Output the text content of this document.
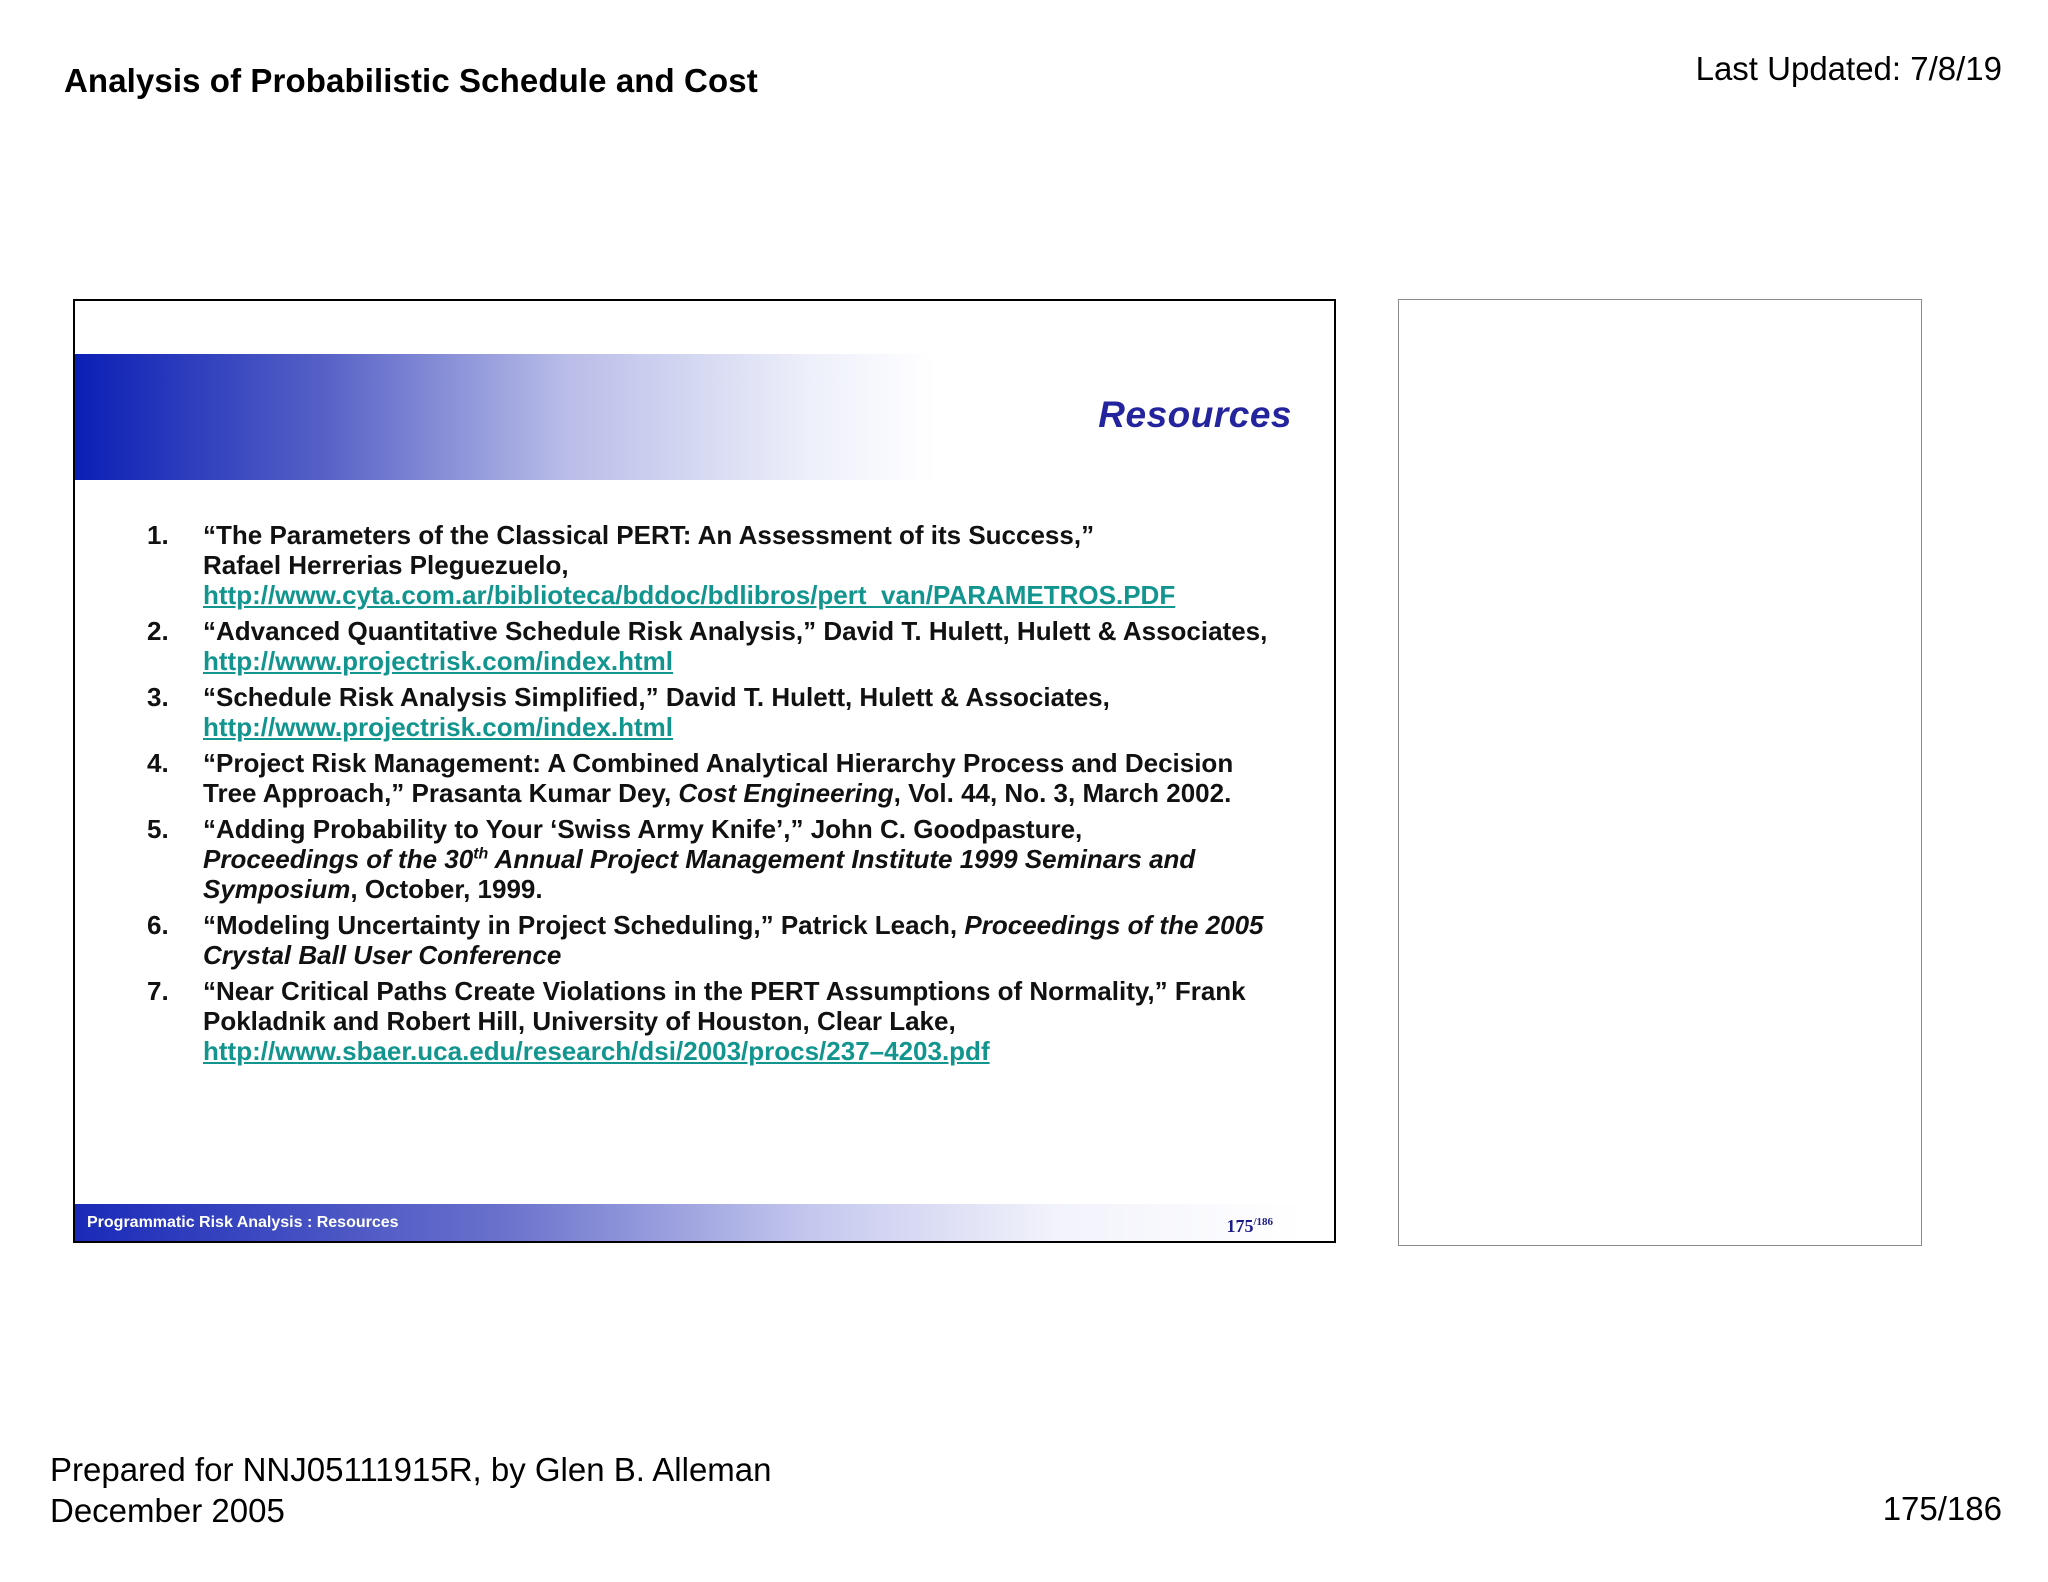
Analysis of Probabilistic Schedule and Cost	Last Updated: 7/8/19
Resources
1. “The Parameters of the Classical PERT: An Assessment of its Success,”
Rafael Herrerias Pleguezuelo,
http://www.cyta.com.ar/biblioteca/bddoc/bdlibros/pert_van/PARAMETROS.PDF
2. “Advanced Quantitative Schedule Risk Analysis,” David T. Hulett, Hulett & Associates, http://www.projectrisk.com/index.html
3. “Schedule Risk Analysis Simplified,” David T. Hulett, Hulett & Associates,
http://www.projectrisk.com/index.html
4. “Project Risk Management: A Combined Analytical Hierarchy Process and Decision Tree Approach,” Prasanta Kumar Dey, Cost Engineering, Vol. 44, No. 3, March 2002.
5. “Adding Probability to Your ‘Swiss Army Knife’,” John C. Goodpasture,
Proceedings of the 30th Annual Project Management Institute 1999 Seminars and Symposium, October, 1999.
6. “Modeling Uncertainty in Project Scheduling,” Patrick Leach, Proceedings of the 2005 Crystal Ball User Conference
7. “Near Critical Paths Create Violations in the PERT Assumptions of Normality,” Frank Pokladnik and Robert Hill, University of Houston, Clear Lake,
http://www.sbaer.uca.edu/research/dsi/2003/procs/237–4203.pdf
Programmatic Risk Analysis : Resources	$175^{/186}$
Prepared for NNJ05111915R, by Glen B. Alleman
December 2005	175/186
